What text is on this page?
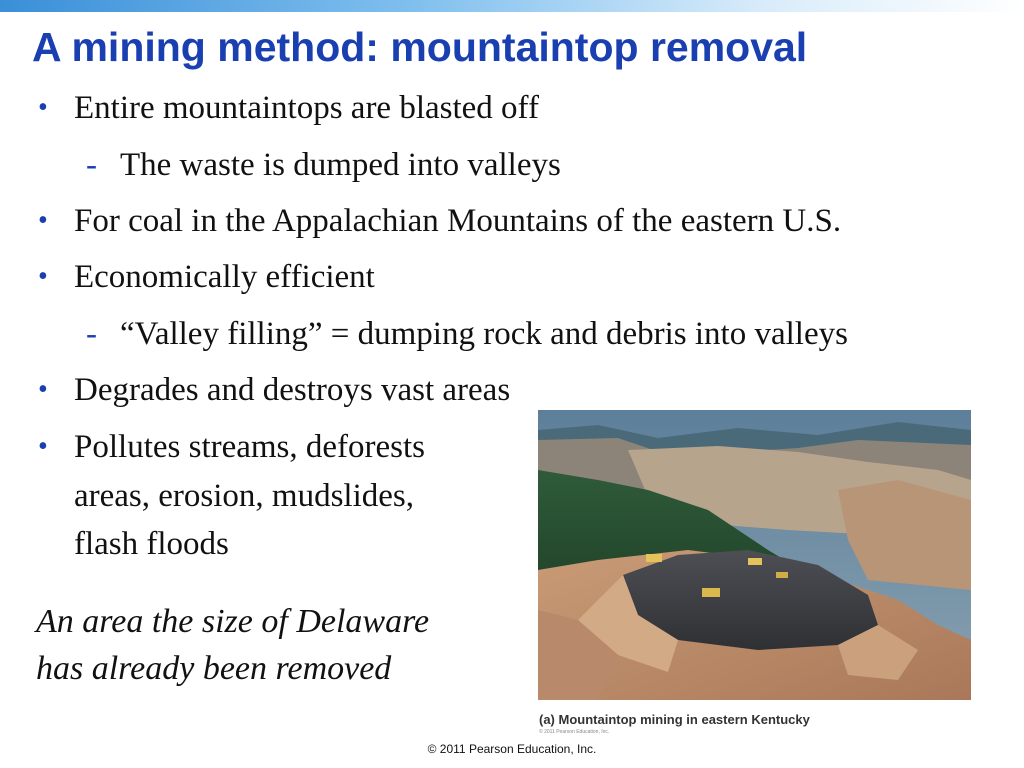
A mining method: mountaintop removal
• Entire mountaintops are blasted off
- The waste is dumped into valleys
• For coal in the Appalachian Mountains of the eastern U.S.
• Economically efficient
- “Valley filling” = dumping rock and debris into valleys
• Degrades and destroys vast areas
• Pollutes streams, deforests
areas, erosion, mudslides,
flash floods
An area the size of Delaware
has already been removed
(a) Mountaintop mining in eastern Kentucky
© 2011 Pearson Education, Inc.
© 2011 Pearson Education, Inc.
